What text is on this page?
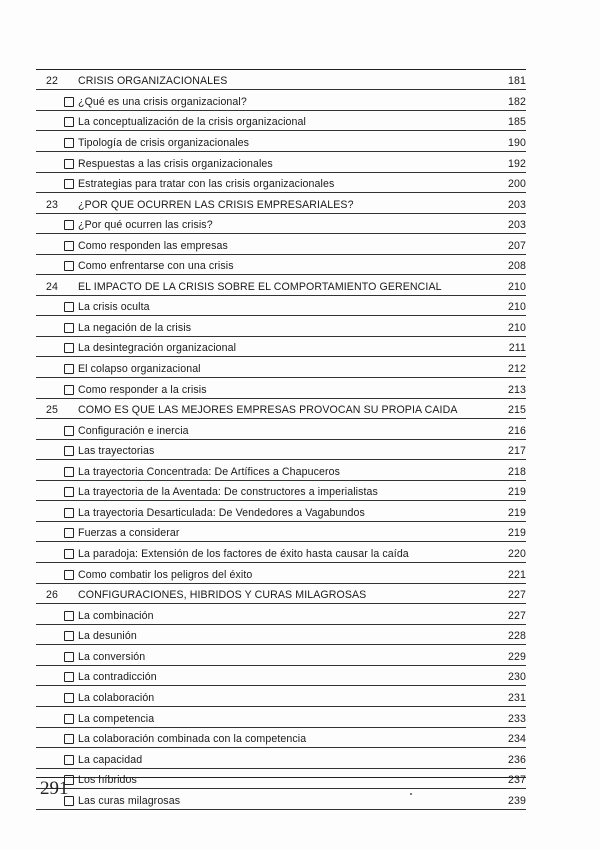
22	CRISIS ORGANIZACIONALES	181
¿Qué es una crisis organizacional?	182
La conceptualización de la crisis organizacional	185
Tipología de crisis organizacionales	190
Respuestas a las crisis organizacionales	192
Estrategias para tratar con las crisis organizacionales	200
23	¿POR QUE OCURREN LAS CRISIS EMPRESARIALES?	203
¿Por qué ocurren las crisis?	203
Como responden las empresas	207
Como enfrentarse con una crisis	208
24	EL IMPACTO DE LA CRISIS SOBRE EL COMPORTAMIENTO GERENCIAL	210
La crisis oculta	210
La negación de la crisis	210
La desintegración organizacional	211
El colapso organizacional	212
Como responder a la crisis	213
25	COMO ES QUE LAS MEJORES EMPRESAS PROVOCAN SU PROPIA CAIDA	215
Configuración e inercia	216
Las trayectorias	217
La trayectoria Concentrada: De Artífices a Chapuceros	218
La trayectoria de la Aventada: De constructores a imperialistas	219
La trayectoria Desarticulada: De Vendedores a Vagabundos	219
Fuerzas a considerar	219
La paradoja: Extensión de los factores de éxito hasta causar la caída	220
Como combatir los peligros del éxito	221
26	CONFIGURACIONES, HIBRIDOS Y CURAS MILAGROSAS	227
La combinación	227
La desunión	228
La conversión	229
La contradicción	230
La colaboración	231
La competencia	233
La colaboración combinada con la competencia	234
La capacidad	236
Los híbridos	237
Las curas milagrosas	239
291
